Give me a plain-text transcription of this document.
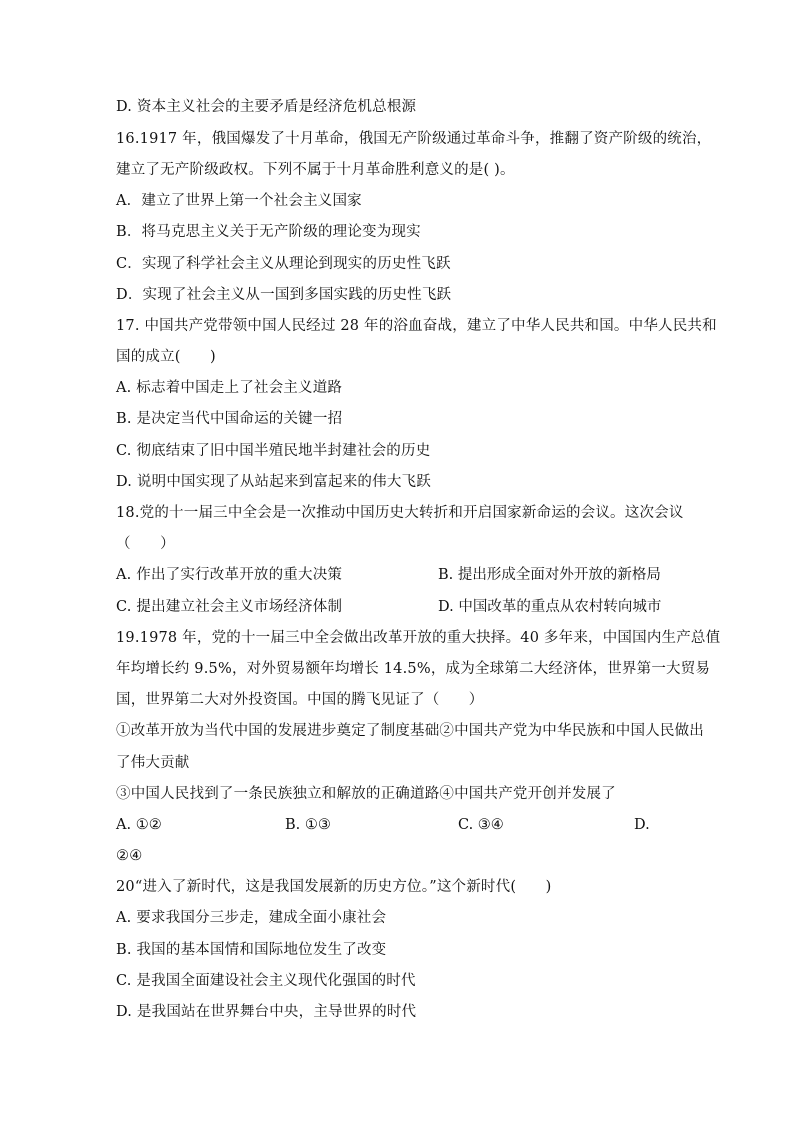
D. 资本主义社会的主要矛盾是经济危机总根源
16.1917 年，俄国爆发了十月革命，俄国无产阶级通过革命斗争，推翻了资产阶级的统治，
建立了无产阶级政权。下列不属于十月革命胜利意义的是( )。
A．建立了世界上第一个社会主义国家
B．将马克思主义关于无产阶级的理论变为现实
C．实现了科学社会主义从理论到现实的历史性飞跃
D．实现了社会主义从一国到多国实践的历史性飞跃
17. 中国共产党带领中国人民经过 28 年的浴血奋战，建立了中华人民共和国。中华人民共和
国的成立(　　)
A. 标志着中国走上了社会主义道路
B. 是决定当代中国命运的关键一招
C. 彻底结束了旧中国半殖民地半封建社会的历史
D. 说明中国实现了从站起来到富起来的伟大飞跃
18.党的十一届三中全会是一次推动中国历史大转折和开启国家新命运的会议。这次会议
（　　）
A. 作出了实行改革开放的重大决策	B. 提出形成全面对外开放的新格局
C. 提出建立社会主义市场经济体制	D. 中国改革的重点从农村转向城市
19.1978 年，党的十一届三中全会做出改革开放的重大抉择。40 多年来，中国国内生产总值
年均增长约 9.5%，对外贸易额年均增长 14.5%，成为全球第二大经济体，世界第一大贸易
国，世界第二大对外投资国。中国的腾飞见证了（　　）
①改革开放为当代中国的发展进步奠定了制度基础②中国共产党为中华民族和中国人民做出
了伟大贡献
③中国人民找到了一条民族独立和解放的正确道路④中国共产党开创并发展了
A. ①②	B. ①③	C. ③④	D.
②④
20“进入了新时代，这是我国发展新的历史方位。”这个新时代(　　)
A. 要求我国分三步走，建成全面小康社会
B. 我国的基本国情和国际地位发生了改变
C. 是我国全面建设社会主义现代化强国的时代
D. 是我国站在世界舞台中央，主导世界的时代
